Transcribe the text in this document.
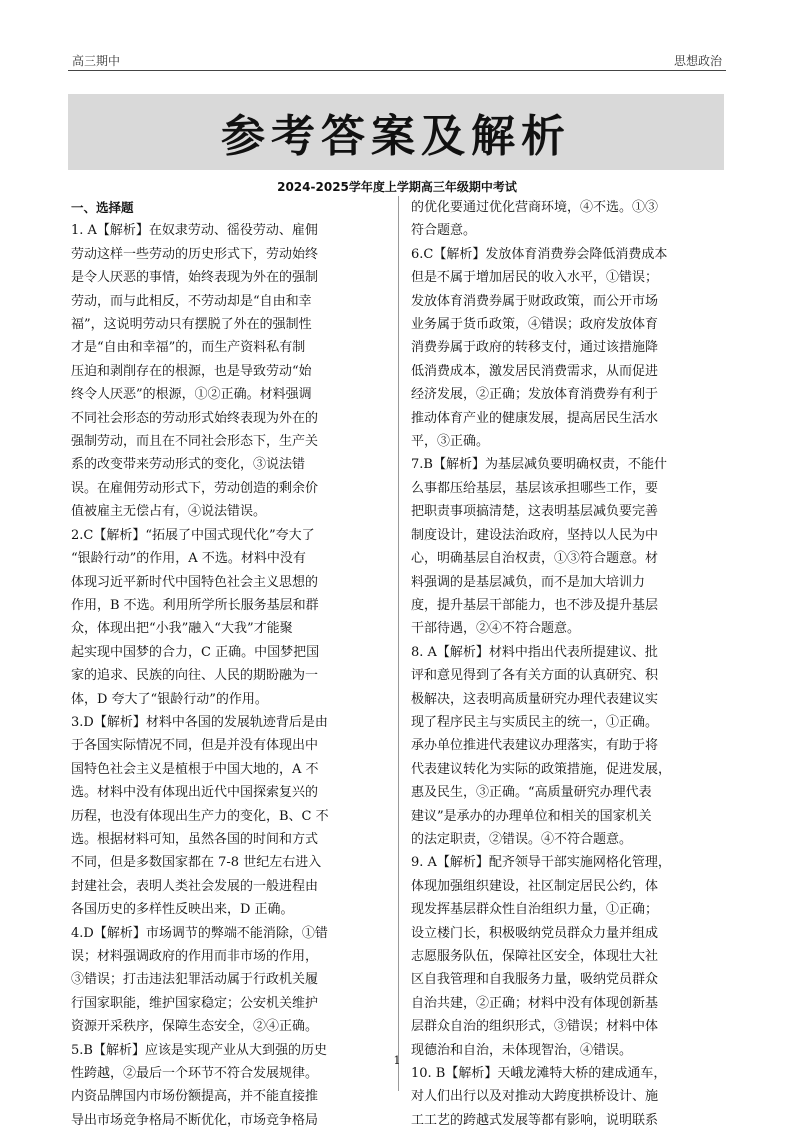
高三期中	思想政治
参考答案及解析
2024-2025学年度上学期高三年级期中考试
一、选择题
1. A【解析】在奴隶劳动、徭役劳动、雇佣
劳动这样一些劳动的历史形式下，劳动始终
是令人厌恶的事情，始终表现为外在的强制
劳动，而与此相反，不劳动却是“自由和幸
福”，这说明劳动只有摆脱了外在的强制性
才是“自由和幸福”的，而生产资料私有制
压迫和剥削存在的根源，也是导致劳动“始
终令人厌恶”的根源，①②正确。材料强调
不同社会形态的劳动形式始终表现为外在的
强制劳动，而且在不同社会形态下，生产关
系的改变带来劳动形式的变化，③说法错
误。在雇佣劳动形式下，劳动创造的剩余价
值被雇主无偿占有，④说法错误。
2.C【解析】“拓展了中国式现代化”夸大了
“银龄行动”的作用，A 不选。材料中没有
体现习近平新时代中国特色社会主义思想的
作用，B 不选。利用所学所长服务基层和群
众，体现出把“小我”融入“大我”才能聚
起实现中国梦的合力，C 正确。中国梦把国
家的追求、民族的向往、人民的期盼融为一
体，D 夸大了“银龄行动”的作用。
3.D【解析】材料中各国的发展轨迹背后是由
于各国实际情况不同，但是并没有体现出中
国特色社会主义是植根于中国大地的，A 不
选。材料中没有体现出近代中国探索复兴的
历程，也没有体现出生产力的变化，B、C 不
选。根据材料可知，虽然各国的时间和方式
不同，但是多数国家都在 7-8 世纪左右进入
封建社会，表明人类社会发展的一般进程由
各国历史的多样性反映出来，D 正确。
4.D【解析】市场调节的弊端不能消除，①错
误；材料强调政府的作用而非市场的作用，
③错误；打击违法犯罪活动属于行政机关履
行国家职能，维护国家稳定；公安机关维护
资源开采秩序，保障生态安全，②④正确。
5.B【解析】应该是实现产业从大到强的历史
性跨越，②最后一个环节不符合发展规律。
内资品牌国内市场份额提高，并不能直接推
导出市场竞争格局不断优化，市场竞争格局
的优化要通过优化营商环境，④不选。①③
符合题意。
6.C【解析】发放体育消费券会降低消费成本
但是不属于增加居民的收入水平，①错误；
发放体育消费券属于财政政策，而公开市场
业务属于货币政策，④错误；政府发放体育
消费券属于政府的转移支付，通过该措施降
低消费成本，激发居民消费需求，从而促进
经济发展，②正确；发放体育消费券有利于
推动体育产业的健康发展，提高居民生活水
平，③正确。
7.B【解析】为基层减负要明确权责，不能什
么事都压给基层，基层该承担哪些工作，要
把职责事项搞清楚，这表明基层减负要完善
制度设计，建设法治政府，坚持以人民为中
心，明确基层自治权责，①③符合题意。材
料强调的是基层减负，而不是加大培训力
度，提升基层干部能力，也不涉及提升基层
干部待遇，②④不符合题意。
8. A【解析】材料中指出代表所提建议、批
评和意见得到了各有关方面的认真研究、积
极解决，这表明高质量研究办理代表建议实
现了程序民主与实质民主的统一，①正确。
承办单位推进代表建议办理落实，有助于将
代表建议转化为实际的政策措施，促进发展，
惠及民生，③正确。“高质量研究办理代表
建议”是承办的办理单位和相关的国家机关
的法定职责，②错误。④不符合题意。
9. A【解析】配齐领导干部实施网格化管理，
体现加强组织建设，社区制定居民公约，体
现发挥基层群众性自治组织力量，①正确；
设立楼门长，积极吸纳党员群众力量并组成
志愿服务队伍，保障社区安全，体现壮大社
区自我管理和自我服务力量，吸纳党员群众
自治共建，②正确；材料中没有体现创新基
层群众自治的组织形式，③错误；材料中体
现德治和自治，未体现智治，④错误。
10. B【解析】天峨龙滩特大桥的建成通车，
对人们出行以及对推动大跨度拱桥设计、施
工工艺的跨越式发展等都有影响，说明联系
1
